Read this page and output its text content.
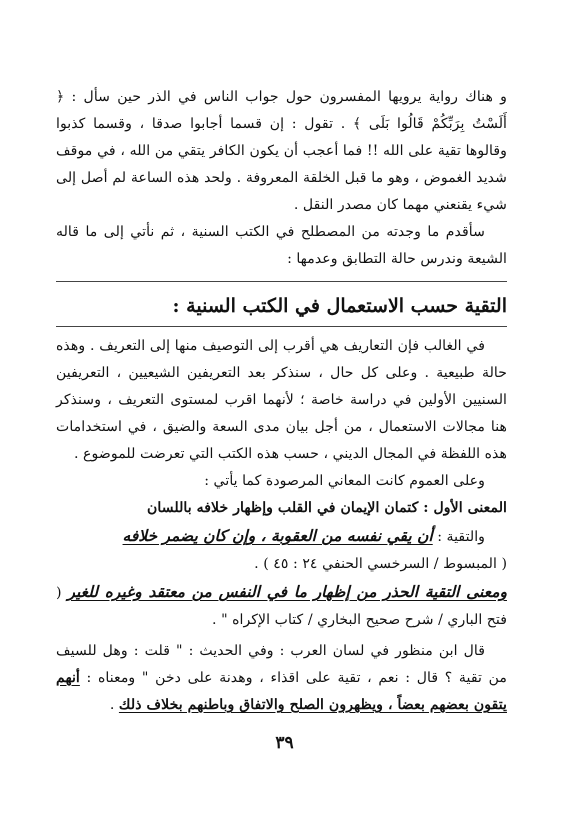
و هناك رواية يرويها المفسرون حول جواب الناس في الذر حين سأل : ﴿ أَلَسْتُ بِرَبِّكُمْ قَالُوا بَلَى ﴾ . تقول : إن قسما أجابوا صدقا ، وقسما كذبوا وقالوها تقية على الله !! فما أعجب أن يكون الكافر يتقي من الله ، في موقف شديد الغموض ، وهو ما قبل الخلقة المعروفة . ولحد هذه الساعة لم أصل إلى شيء يقنعني مهما كان مصدر النقل .

سأقدم ما وجدته من المصطلح في الكتب السنية ، ثم نأتي إلى ما قاله الشيعة وندرس حالة التطابق وعدمها :

التقية حسب الاستعمال في الكتب السنية :

في الغالب فإن التعاريف هي أقرب إلى التوصيف منها إلى التعريف . وهذه حالة طبيعية . وعلى كل حال ، سنذكر بعد التعريفين الشيعيين ، التعريفين السنيين الأولين في دراسة خاصة ؛ لأنهما اقرب لمستوى التعريف ، وسنذكر هنا مجالات الاستعمال ، من أجل بيان مدى السعة والضيق ، في استخدامات هذه اللفظة في المجال الديني ، حسب هذه الكتب التي تعرضت للموضوع .

وعلى العموم كانت المعاني المرصودة كما يأتي :

المعنى الأول : كتمان الإيمان في القلب وإظهار خلافه باللسان

والتقية : أن يقي نفسه من العقوبة ، وإن كان يضمر خلافه

( المبسوط / السرخسي الحنفي ٢٤ : ٤٥ ) .

ومعنى التقية الحذر من إظهار ما في النفس من معتقد وغيره للغير ( فتح الباري / شرح صحيح البخاري / كتاب الإكراه " .

قال ابن منظور في لسان العرب : وفي الحديث : " قلت : وهل للسيف من تقية ؟ قال : نعم ، تقية على اقذاء ، وهدنة على دخن " ومعناه : أنهم يتقون بعضهم بعضاً ، ويظهرون الصلح والاتفاق وباطنهم بخلاف ذلك .

٣٩
